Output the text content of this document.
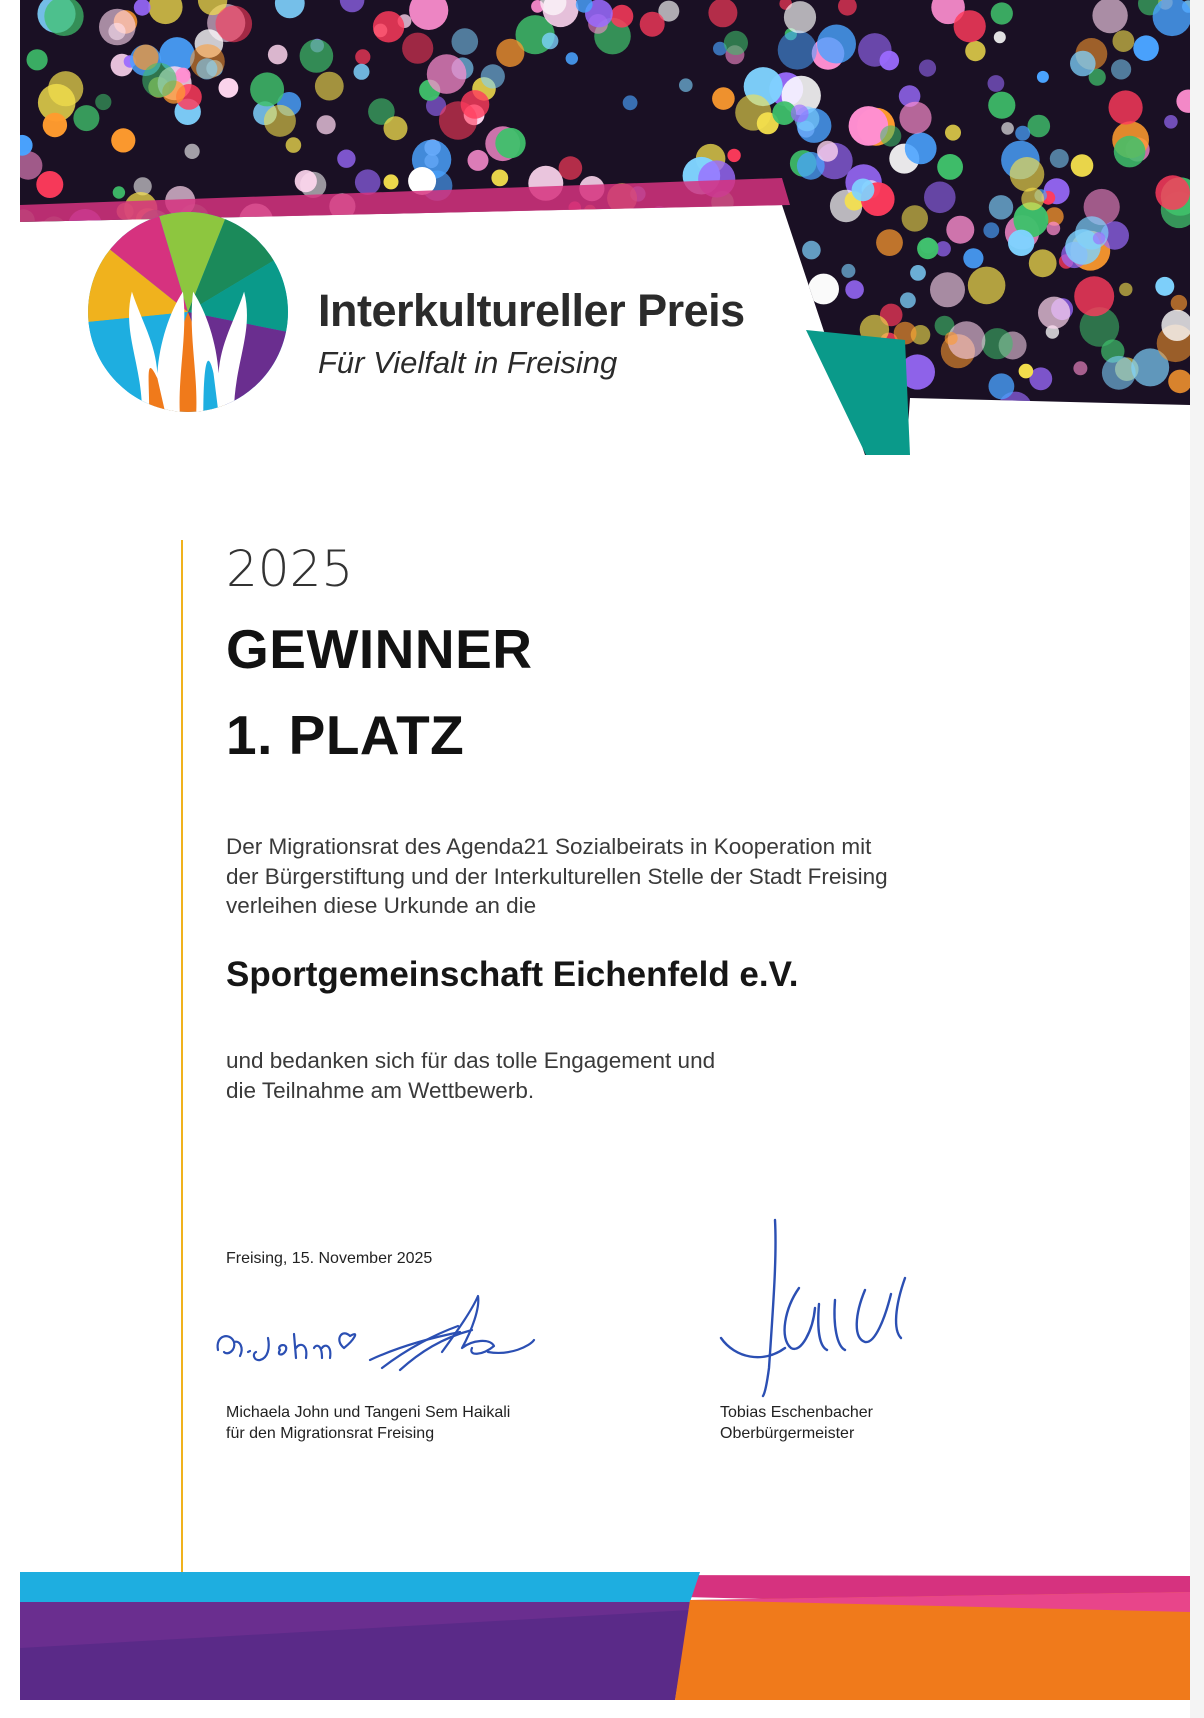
Interkultureller Preis
Für Vielfalt in Freising
2025
GEWINNER
1. PLATZ
Der Migrationsrat des Agenda21 Sozialbeirats in Kooperation mit
der Bürgerstiftung und der Interkulturellen Stelle der Stadt Freising
verleihen diese Urkunde an die
Sportgemeinschaft Eichenfeld e.V.
und bedanken sich für das tolle Engagement und
die Teilnahme am Wettbewerb.
Freising, 15. November 2025
Michaela John und Tangeni Sem Haikali
für den Migrationsrat Freising
Tobias Eschenbacher
Oberbürgermeister
